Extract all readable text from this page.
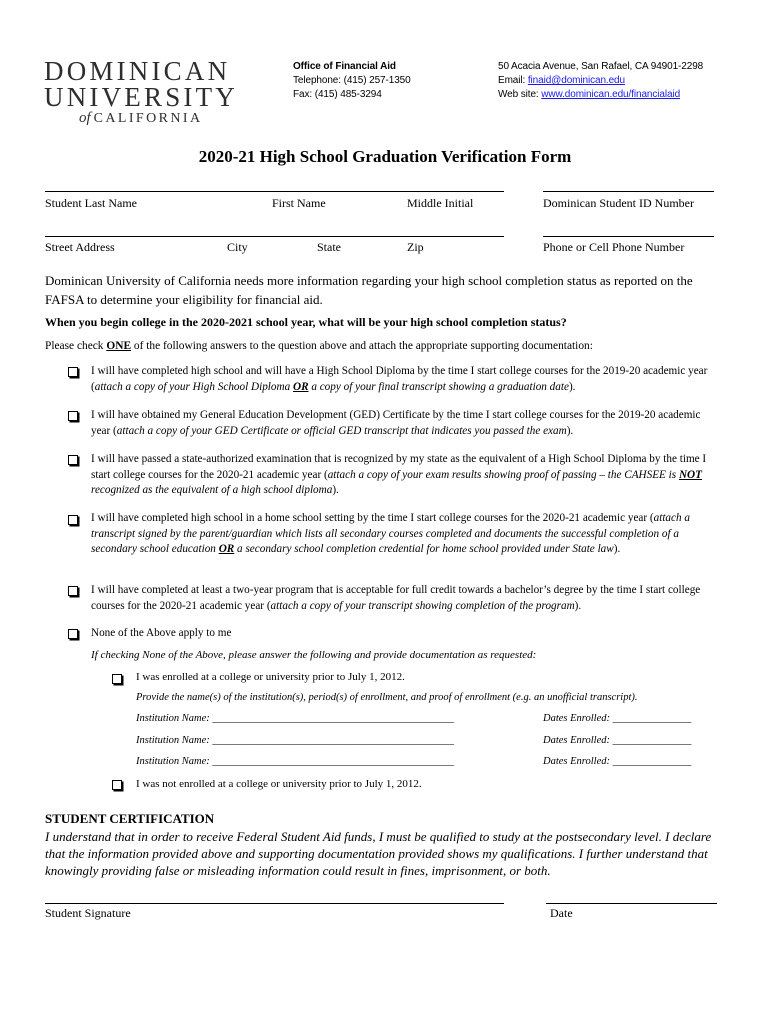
DOMINICAN
UNIVERSITY
of CALIFORNIA
Office of Financial Aid
Telephone: (415) 257-1350
Fax: (415) 485-3294
50 Acacia Avenue, San Rafael, CA 94901-2298
Email: finaid@dominican.edu
Web site: www.dominican.edu/financialaid
2020-21 High School Graduation Verification Form
Student Last Name	First Name	Middle Initial	Dominican Student ID Number
Street Address	City	State	Zip	Phone or Cell Phone Number
Dominican University of California needs more information regarding your high school completion status as reported on the FAFSA to determine your eligibility for financial aid.
When you begin college in the 2020-2021 school year, what will be your high school completion status?
Please check ONE of the following answers to the question above and attach the appropriate supporting documentation:
I will have completed high school and will have a High School Diploma by the time I start college courses for the 2019-20 academic year (attach a copy of your High School Diploma OR a copy of your final transcript showing a graduation date).
I will have obtained my General Education Development (GED) Certificate by the time I start college courses for the 2019-20 academic year (attach a copy of your GED Certificate or official GED transcript that indicates you passed the exam).
I will have passed a state-authorized examination that is recognized by my state as the equivalent of a High School Diploma by the time I start college courses for the 2020-21 academic year (attach a copy of your exam results showing proof of passing – the CAHSEE is NOT recognized as the equivalent of a high school diploma).
I will have completed high school in a home school setting by the time I start college courses for the 2020-21 academic year (attach a transcript signed by the parent/guardian which lists all secondary courses completed and documents the successful completion of a secondary school education OR a secondary school completion credential for home school provided under State law).
I will have completed at least a two-year program that is acceptable for full credit towards a bachelor’s degree by the time I start college courses for the 2020-21 academic year (attach a copy of your transcript showing completion of the program).
None of the Above apply to me
If checking None of the Above, please answer the following and provide documentation as requested:
I was enrolled at a college or university prior to July 1, 2012.
Provide the name(s) of the institution(s), period(s) of enrollment, and proof of enrollment (e.g. an unofficial transcript).
Institution Name: ______________________________________________	Dates Enrolled: _______________
Institution Name: ______________________________________________	Dates Enrolled: _______________
Institution Name: ______________________________________________	Dates Enrolled: _______________
I was not enrolled at a college or university prior to July 1, 2012.
STUDENT CERTIFICATION
I understand that in order to receive Federal Student Aid funds, I must be qualified to study at the postsecondary level. I declare that the information provided above and supporting documentation provided shows my qualifications. I further understand that knowingly providing false or misleading information could result in fines, imprisonment, or both.
Student Signature	Date
